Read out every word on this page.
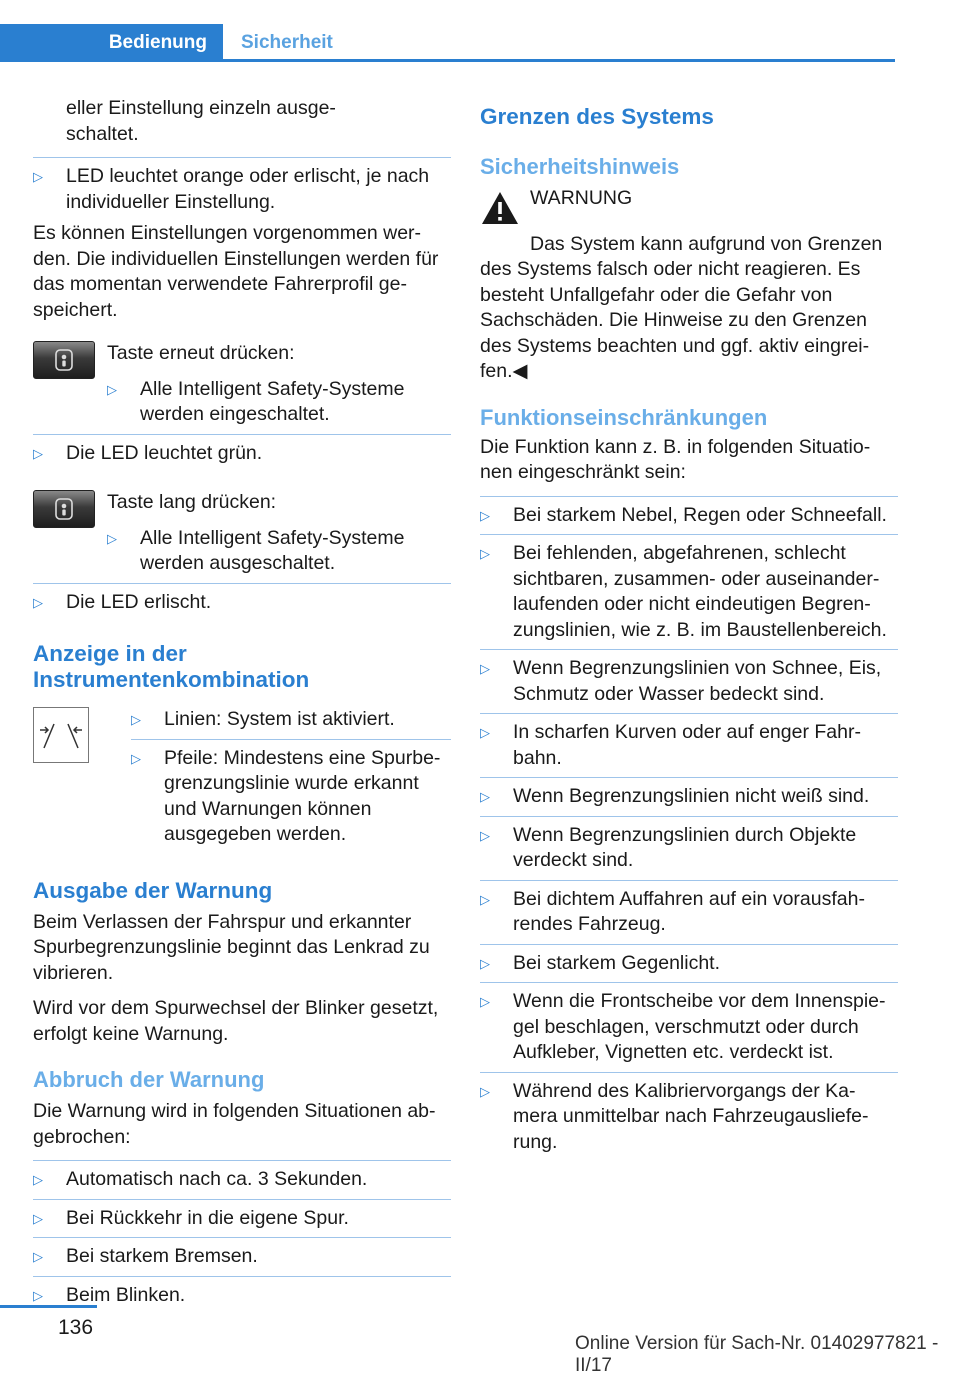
Bedienung	Sicherheit
eller Einstellung einzeln ausge-
schaltet.
▷	LED leuchtet orange oder erlischt, je nach individueller Einstellung.

Es können Einstellungen vorgenommen wer-den. Die individuellen Einstellungen werden für das momentan verwendete Fahrerprofil ge-speichert.

Taste erneut drücken:

▷	Alle Intelligent Safety-Systeme werden eingeschaltet.
▷	Die LED leuchtet grün.

Taste lang drücken:

▷	Alle Intelligent Safety-Systeme werden ausgeschaltet.
▷	Die LED erlischt.
Anzeige in der Instrumentenkombination
▷	Linien: System ist aktiviert.
▷	Pfeile: Mindestens eine Spurbe-grenzungslinie wurde erkannt und Warnungen können ausgegeben werden.
Ausgabe der Warnung

Beim Verlassen der Fahrspur und erkannter Spurbegrenzungslinie beginnt das Lenkrad zu vibrieren.

Wird vor dem Spurwechsel der Blinker gesetzt, erfolgt keine Warnung.

Abbruch der Warnung

Die Warnung wird in folgenden Situationen ab-gebrochen:

▷	Automatisch nach ca. 3 Sekunden.
▷	Bei Rückkehr in die eigene Spur.
▷	Bei starkem Bremsen.
▷	Beim Blinken.
Grenzen des Systems
Sicherheitshinweis
WARNUNG

Das System kann aufgrund von Grenzen des Systems falsch oder nicht reagieren. Es besteht Unfallgefahr oder die Gefahr von Sachschäden. Die Hinweise zu den Grenzen des Systems beachten und ggf. aktiv eingrei-fen.◀

Funktionseinschränkungen

Die Funktion kann z. B. in folgenden Situatio-nen eingeschränkt sein:

▷	Bei starkem Nebel, Regen oder Schneefall.
▷	Bei fehlenden, abgefahrenen, schlecht sichtbaren, zusammen- oder auseinander-laufenden oder nicht eindeutigen Begren-zungslinien, wie z. B. im Baustellenbereich.
▷	Wenn Begrenzungslinien von Schnee, Eis, Schmutz oder Wasser bedeckt sind.
▷	In scharfen Kurven oder auf enger Fahr-bahn.
▷	Wenn Begrenzungslinien nicht weiß sind.
▷	Wenn Begrenzungslinien durch Objekte verdeckt sind.
▷	Bei dichtem Auffahren auf ein vorausfah-rendes Fahrzeug.
▷	Bei starkem Gegenlicht.
▷	Wenn die Frontscheibe vor dem Innenspie-gel beschlagen, verschmutzt oder durch Aufkleber, Vignetten etc. verdeckt ist.
▷	Während des Kalibriervorgangs der Ka-mera unmittelbar nach Fahrzeugausliefe-rung.
136
Online Version für Sach-Nr. 01402977821 - II/17
